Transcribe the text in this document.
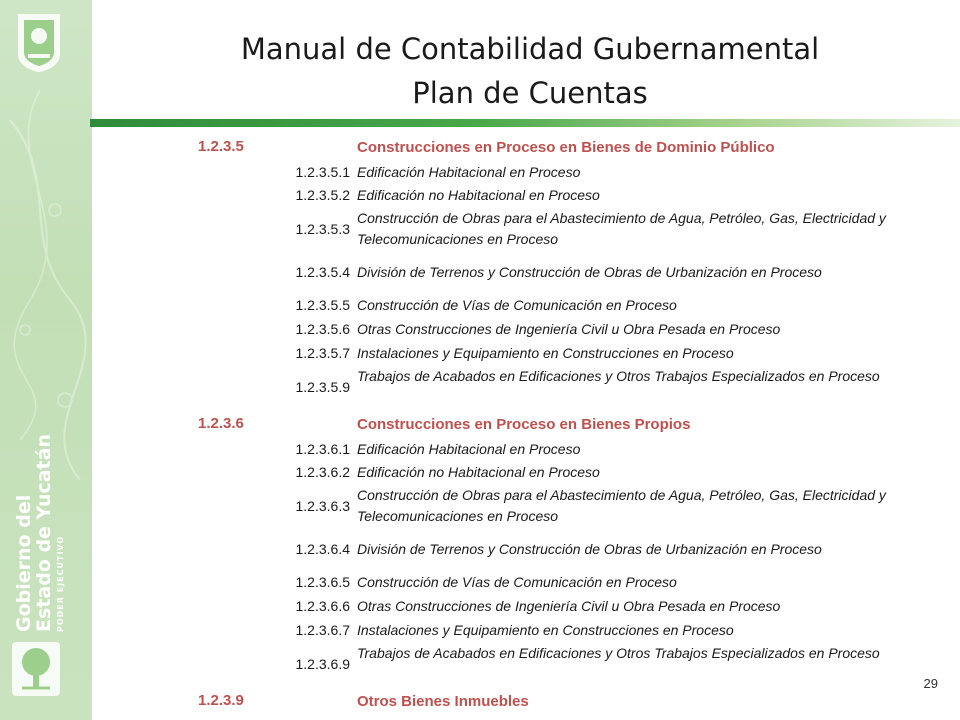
Gobierno del
Estado de Yucatán PODER EJECUTIVO
Manual de Contabilidad Gubernamental
Plan de Cuentas
1.2.3.5	Construcciones en Proceso en Bienes de Dominio Público
1.2.3.5.1 Edificación Habitacional en Proceso
1.2.3.5.2 Edificación no Habitacional en Proceso
1.2.3.5.3
Construcción de Obras para el Abastecimiento de Agua, Petróleo, Gas, Electricidad y Telecomunicaciones en Proceso
1.2.3.5.4 División de Terrenos y Construcción de Obras de Urbanización en Proceso
1.2.3.5.5 Construcción de Vías de Comunicación en Proceso
1.2.3.5.6 Otras Construcciones de Ingeniería Civil u Obra Pesada en Proceso
1.2.3.5.7 Instalaciones y Equipamiento en Construcciones en Proceso
1.2.3.5.9
Trabajos de Acabados en Edificaciones y Otros Trabajos Especializados en Proceso
1.2.3.6	Construcciones en Proceso en Bienes Propios
1.2.3.6.1 Edificación Habitacional en Proceso
1.2.3.6.2 Edificación no Habitacional en Proceso
1.2.3.6.3
Construcción de Obras para el Abastecimiento de Agua, Petróleo, Gas, Electricidad y Telecomunicaciones en Proceso
1.2.3.6.4 División de Terrenos y Construcción de Obras de Urbanización en Proceso
1.2.3.6.5 Construcción de Vías de Comunicación en Proceso
1.2.3.6.6 Otras Construcciones de Ingeniería Civil u Obra Pesada en Proceso
1.2.3.6.7 Instalaciones y Equipamiento en Construcciones en Proceso
1.2.3.6.9
Trabajos de Acabados en Edificaciones y Otros Trabajos Especializados en Proceso
1.2.3.9	Otros Bienes Inmuebles
29
